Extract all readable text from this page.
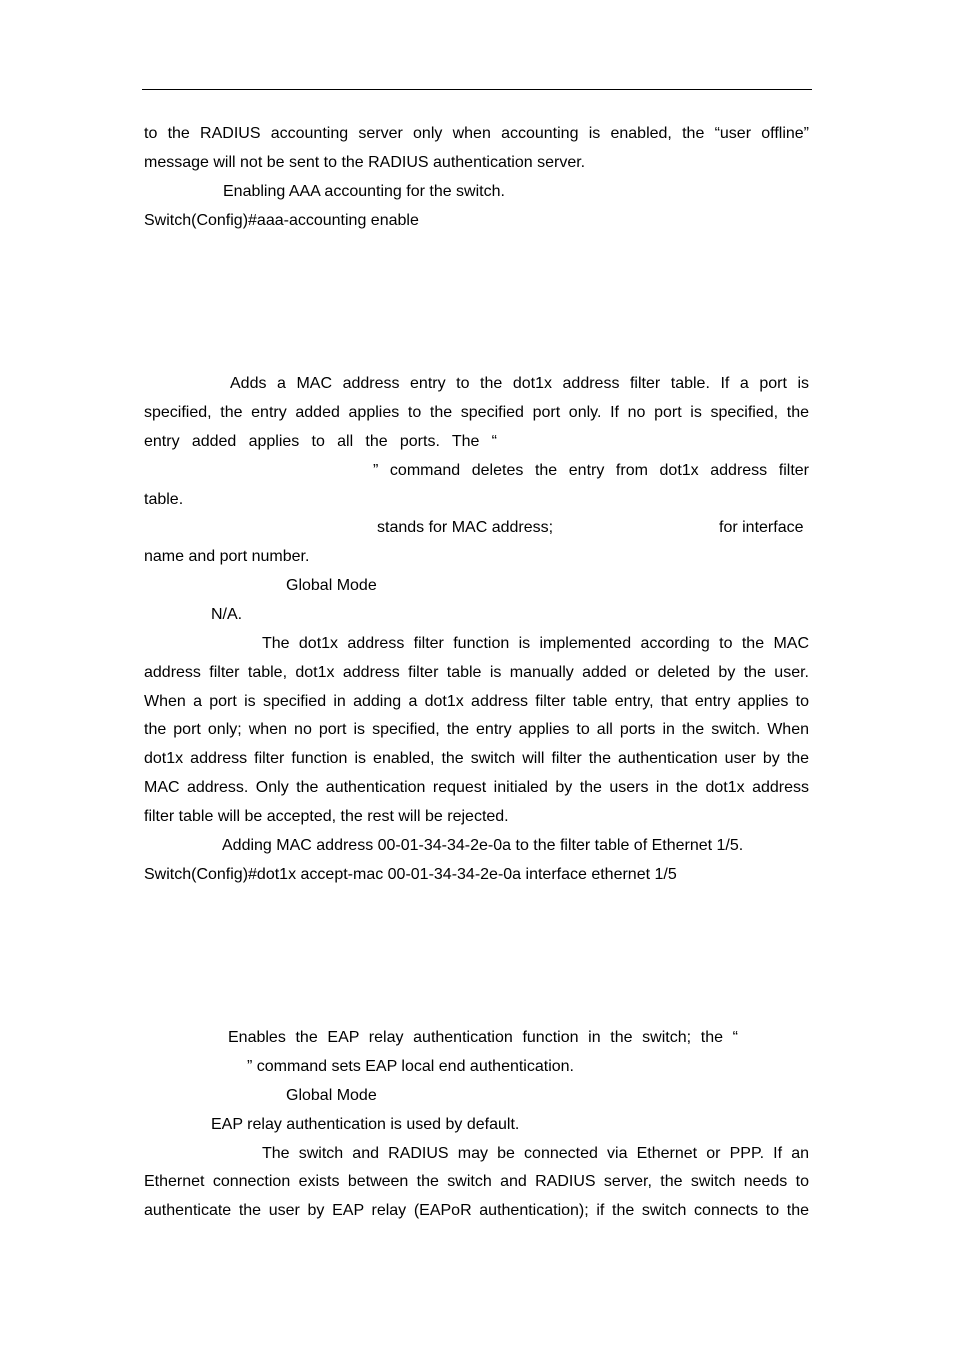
to the RADIUS accounting server only when accounting is enabled, the “user offline”
message will not be sent to the RADIUS authentication server.
Enabling AAA accounting for the switch.
Switch(Config)#aaa-accounting enable
Adds a MAC address entry to the dot1x address filter table. If a port is
specified, the entry added applies to the specified port only. If no port is specified, the
entry added applies to all the ports. The “
” command deletes the entry from dot1x address filter
table.
stands for MAC address;	for interface
name and port number.
Global Mode
N/A.
The dot1x address filter function is implemented according to the MAC
address filter table, dot1x address filter table is manually added or deleted by the user.
When a port is specified in adding a dot1x address filter table entry, that entry applies to
the port only; when no port is specified, the entry applies to all ports in the switch. When
dot1x address filter function is enabled, the switch will filter the authentication user by the
MAC address. Only the authentication request initialed by the users in the dot1x address
filter table will be accepted, the rest will be rejected.
Adding MAC address 00-01-34-34-2e-0a to the filter table of Ethernet 1/5.
Switch(Config)#dot1x accept-mac 00-01-34-34-2e-0a interface ethernet 1/5
Enables the EAP relay authentication function in the switch; the “
” command sets EAP local end authentication.
Global Mode
EAP relay authentication is used by default.
The switch and RADIUS may be connected via Ethernet or PPP. If an
Ethernet connection exists between the switch and RADIUS server, the switch needs to
authenticate the user by EAP relay (EAPoR authentication); if the switch connects to the
